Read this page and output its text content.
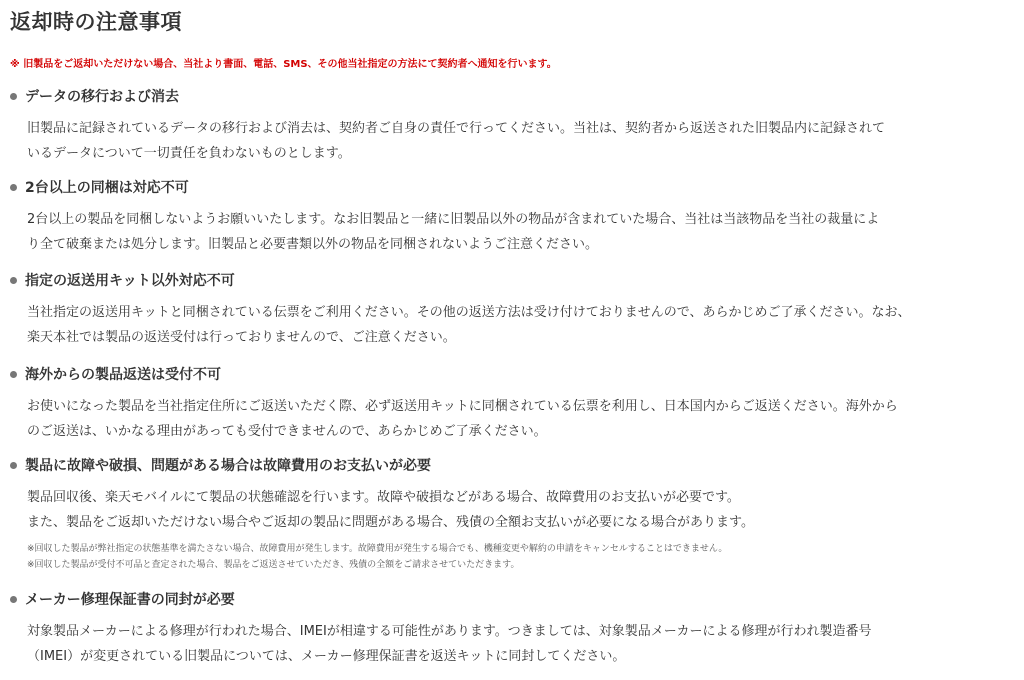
返却時の注意事項

※ 旧製品をご返却いただけない場合、当社より書面、電話、SMS、その他当社指定の方法にて契約者へ通知を行います。

データの移行および消去

旧製品に記録されているデータの移行および消去は、契約者ご自身の責任で行ってください。当社は、契約者から返送された旧製品内に記録されて

いるデータについて一切責任を負わないものとします。

2台以上の同梱は対応不可

2台以上の製品を同梱しないようお願いいたします。なお旧製品と一緒に旧製品以外の物品が含まれていた場合、当社は当該物品を当社の裁量によ

り全て破棄または処分します。旧製品と必要書類以外の物品を同梱されないようご注意ください。

指定の返送用キット以外対応不可

当社指定の返送用キットと同梱されている伝票をご利用ください。その他の返送方法は受け付けておりませんので、あらかじめご了承ください。なお、

楽天本社では製品の返送受付は行っておりませんので、ご注意ください。

海外からの製品返送は受付不可

お使いになった製品を当社指定住所にご返送いただく際、必ず返送用キットに同梱されている伝票を利用し、日本国内からご返送ください。海外から

のご返送は、いかなる理由があっても受付できませんので、あらかじめご了承ください。

製品に故障や破損、問題がある場合は故障費用のお支払いが必要

製品回収後、楽天モバイルにて製品の状態確認を行います。故障や破損などがある場合、故障費用のお支払いが必要です。

また、製品をご返却いただけない場合やご返却の製品に問題がある場合、残債の全額お支払いが必要になる場合があります。

※回収した製品が弊社指定の状態基準を満たさない場合、故障費用が発生します。故障費用が発生する場合でも、機種変更や解約の申請をキャンセルすることはできません。

※回収した製品が受付不可品と査定された場合、製品をご返送させていただき、残債の全額をご請求させていただきます。

メーカー修理保証書の同封が必要

対象製品メーカーによる修理が行われた場合、IMEIが相違する可能性があります。つきましては、対象製品メーカーによる修理が行われ製造番号

（IMEI）が変更されている旧製品については、メーカー修理保証書を返送キットに同封してください。
